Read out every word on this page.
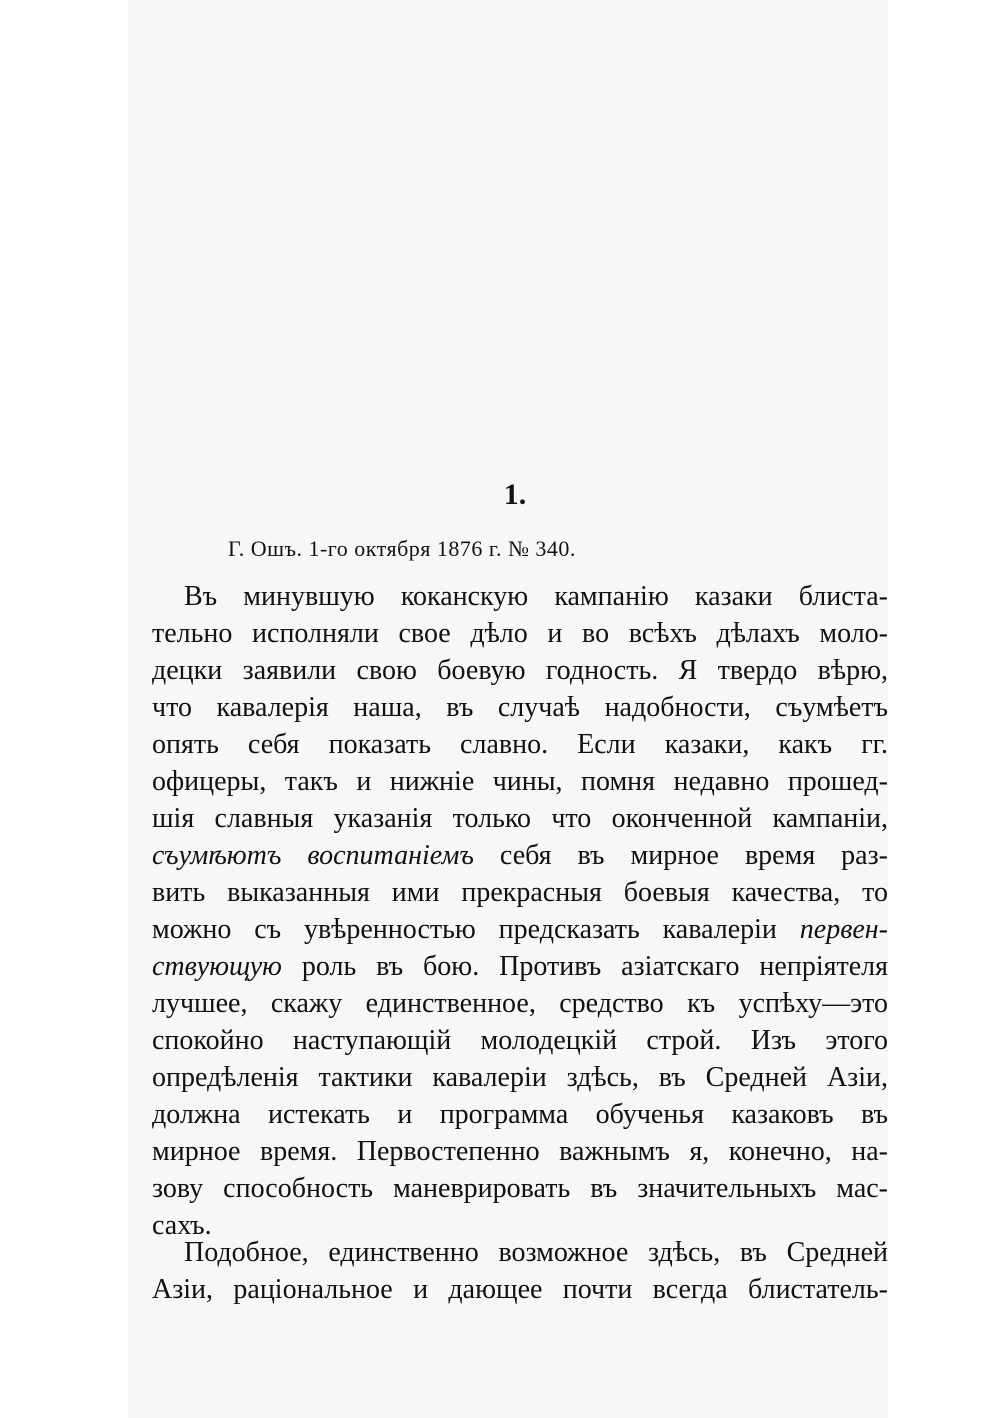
1.
Г. Ошъ. 1-го октября 1876 г. № 340.
Въ минувшую коканскую кампанію казаки блиста-
тельно исполняли свое дѣло и во всѣхъ дѣлахъ моло-
децки заявили свою боевую годность. Я твердо вѣрю,
что кавалерія наша, въ случаѣ надобности, съумѣетъ
опять себя показать славно. Если казаки, какъ гг.
офицеры, такъ и нижніе чины, помня недавно прошед-
шія славныя указанія только что оконченной кампаніи,
съумѣютъ воспитаніемъ себя въ мирное время раз-
вить выказанныя ими прекрасныя боевыя качества, то
можно съ увѣренностью предсказать кавалеріи первен-
ствующую роль въ бою. Противъ азіатскаго непріятеля
лучшее, скажу единственное, средство къ успѣху—это
спокойно наступающій молодецкій строй. Изъ этого
опредѣленія тактики кавалеріи здѣсь, въ Средней Азіи,
должна истекать и программа обученья казаковъ въ
мирное время. Первостепенно важнымъ я, конечно, на-
зову способность маневрировать въ значительныхъ мас-
сахъ.
Подобное, единственно возможное здѣсь, въ Средней
Азіи, раціональное и дающее почти всегда блистатель-
